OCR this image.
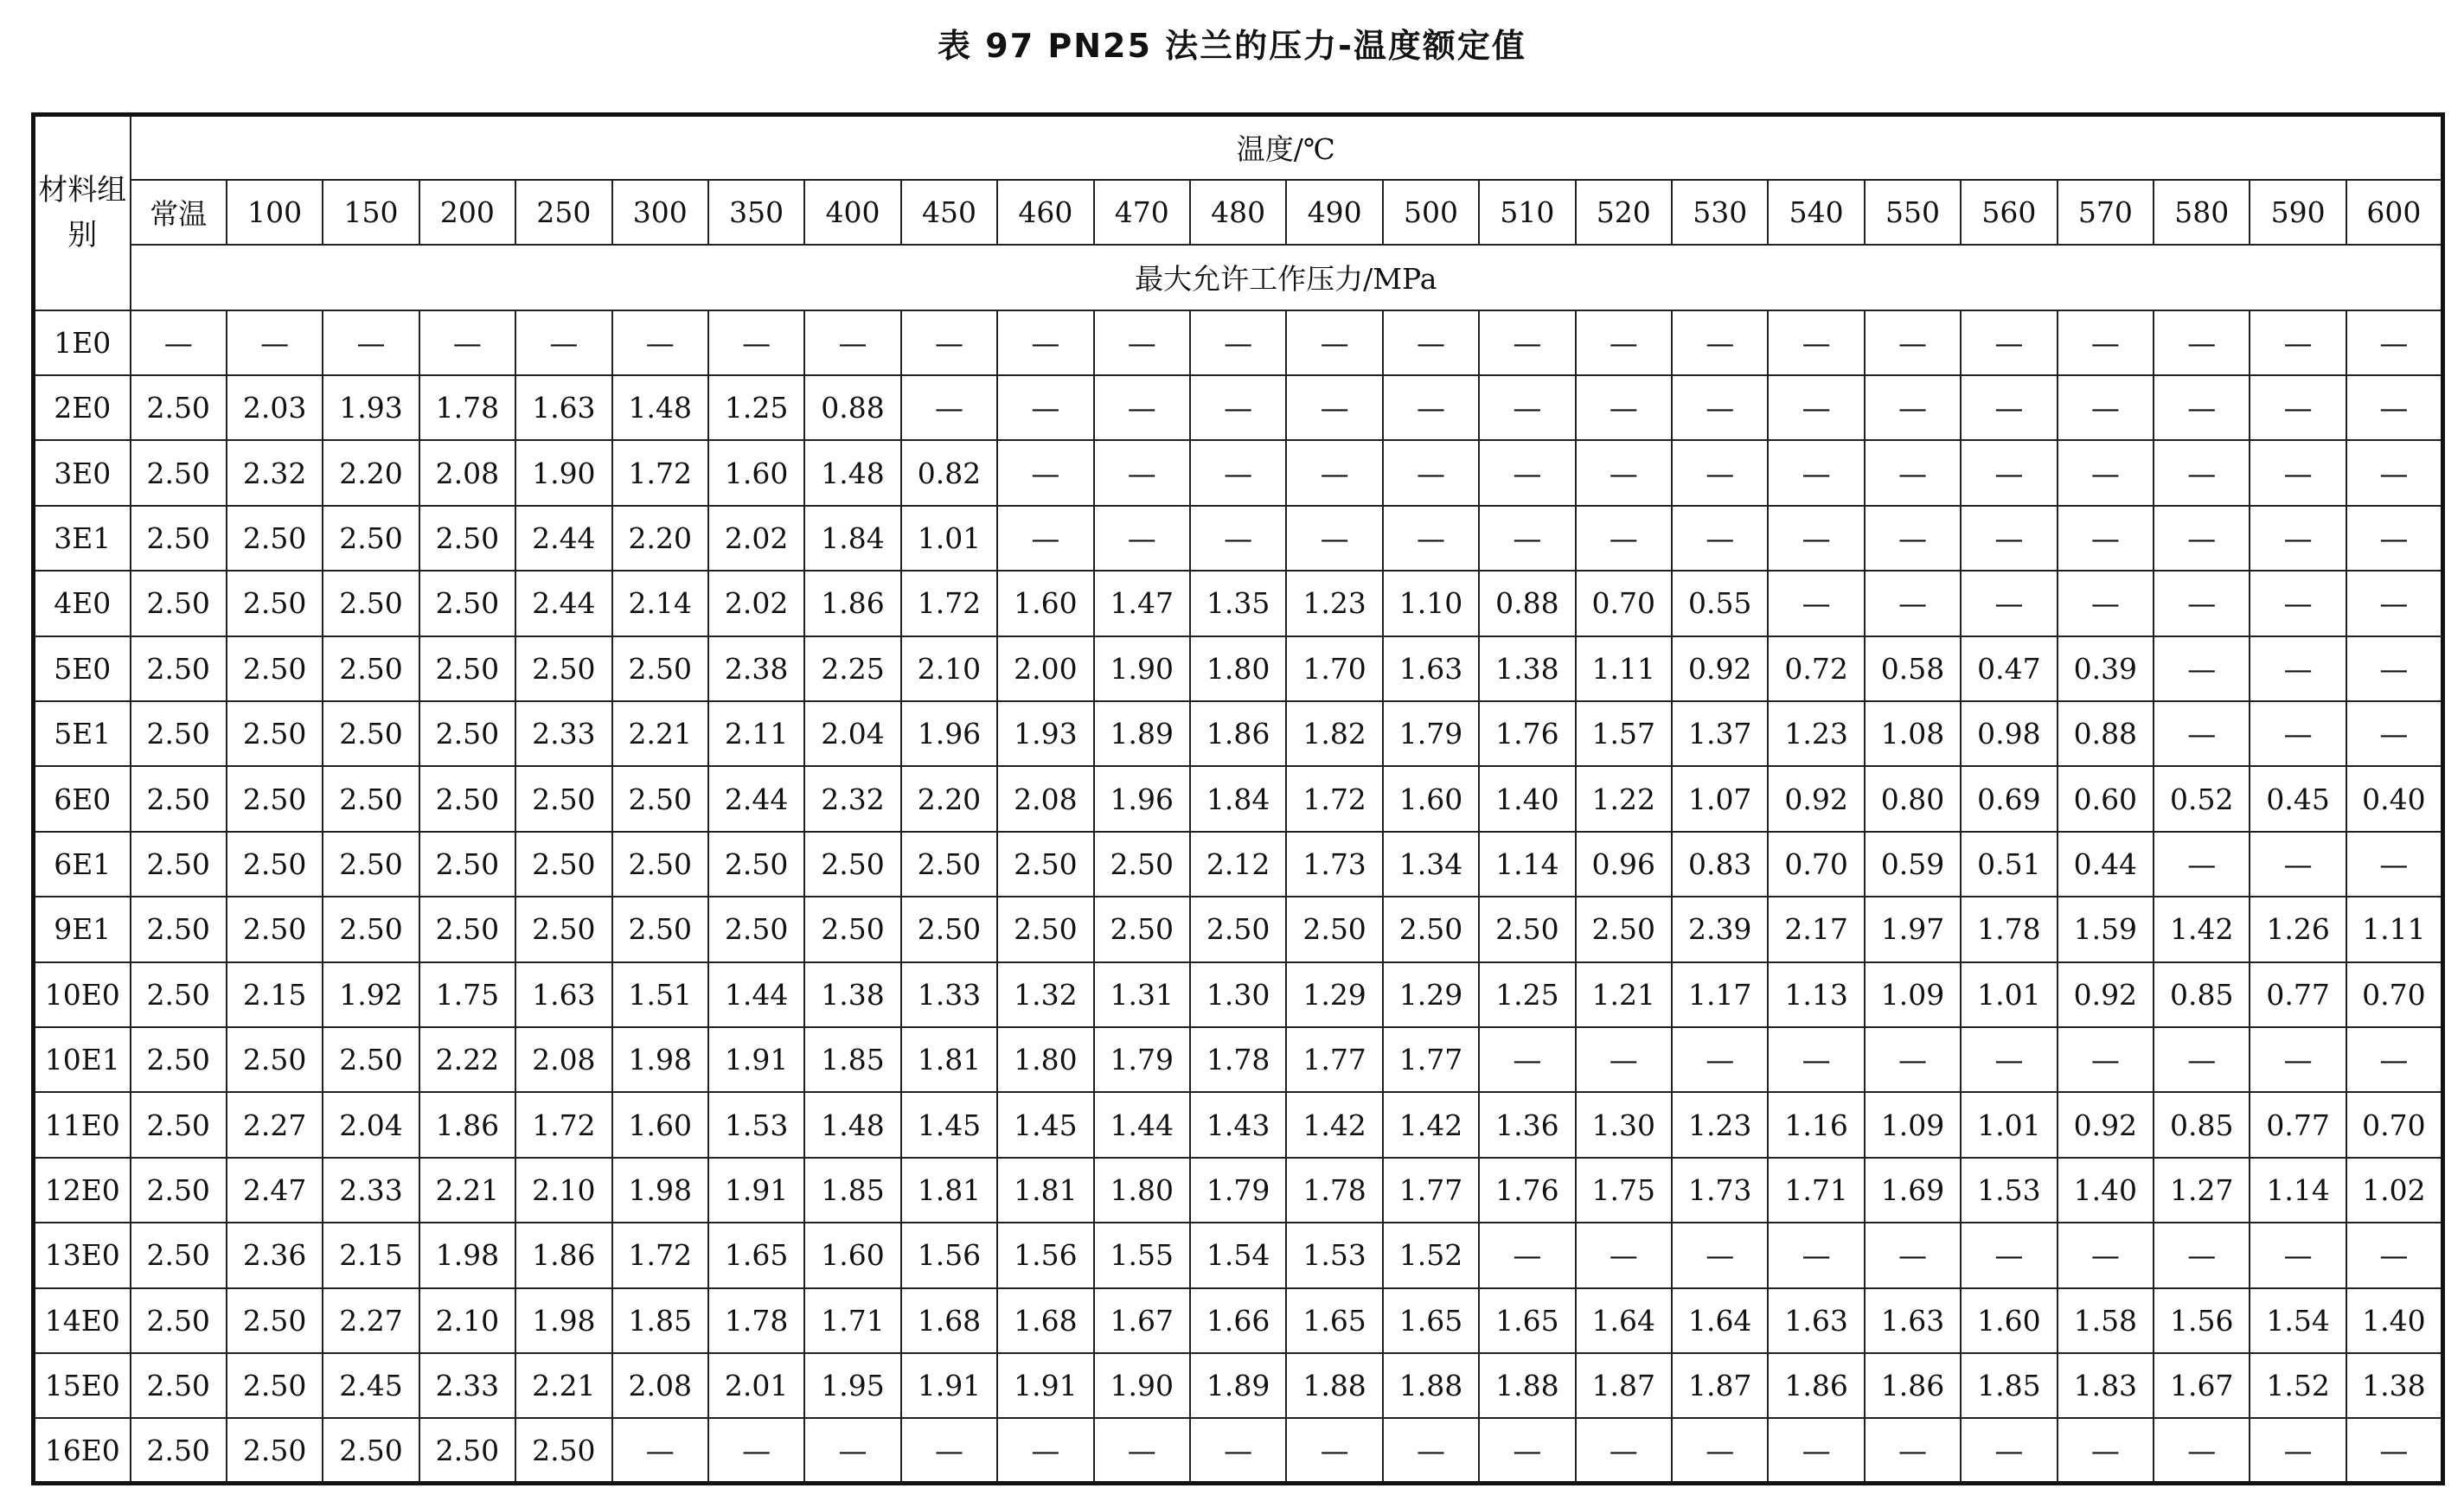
表 97 PN25 法兰的压力-温度额定值
材料组别	温度/℃																							
	常温	100	150	200	250	300	350	400	450	460	470	480	490	500	510	520	530	540	550	560	570	580	590	600
	最大允许工作压力/MPa																							
1E0	—	—	—	—	—	—	—	—	—	—	—	—	—	—	—	—	—	—	—	—	—	—	—	—
2E0	2.50	2.03	1.93	1.78	1.63	1.48	1.25	0.88	—	—	—	—	—	—	—	—	—	—	—	—	—	—	—	—
3E0	2.50	2.32	2.20	2.08	1.90	1.72	1.60	1.48	0.82	—	—	—	—	—	—	—	—	—	—	—	—	—	—	—
3E1	2.50	2.50	2.50	2.50	2.44	2.20	2.02	1.84	1.01	—	—	—	—	—	—	—	—	—	—	—	—	—	—	—
4E0	2.50	2.50	2.50	2.50	2.44	2.14	2.02	1.86	1.72	1.60	1.47	1.35	1.23	1.10	0.88	0.70	0.55	—	—	—	—	—	—	—
5E0	2.50	2.50	2.50	2.50	2.50	2.50	2.38	2.25	2.10	2.00	1.90	1.80	1.70	1.63	1.38	1.11	0.92	0.72	0.58	0.47	0.39	—	—	—
5E1	2.50	2.50	2.50	2.50	2.33	2.21	2.11	2.04	1.96	1.93	1.89	1.86	1.82	1.79	1.76	1.57	1.37	1.23	1.08	0.98	0.88	—	—	—
6E0	2.50	2.50	2.50	2.50	2.50	2.50	2.44	2.32	2.20	2.08	1.96	1.84	1.72	1.60	1.40	1.22	1.07	0.92	0.80	0.69	0.60	0.52	0.45	0.40
6E1	2.50	2.50	2.50	2.50	2.50	2.50	2.50	2.50	2.50	2.50	2.50	2.12	1.73	1.34	1.14	0.96	0.83	0.70	0.59	0.51	0.44	—	—	—
9E1	2.50	2.50	2.50	2.50	2.50	2.50	2.50	2.50	2.50	2.50	2.50	2.50	2.50	2.50	2.50	2.50	2.39	2.17	1.97	1.78	1.59	1.42	1.26	1.11
10E0	2.50	2.15	1.92	1.75	1.63	1.51	1.44	1.38	1.33	1.32	1.31	1.30	1.29	1.29	1.25	1.21	1.17	1.13	1.09	1.01	0.92	0.85	0.77	0.70
10E1	2.50	2.50	2.50	2.22	2.08	1.98	1.91	1.85	1.81	1.80	1.79	1.78	1.77	1.77	—	—	—	—	—	—	—	—	—	—
11E0	2.50	2.27	2.04	1.86	1.72	1.60	1.53	1.48	1.45	1.45	1.44	1.43	1.42	1.42	1.36	1.30	1.23	1.16	1.09	1.01	0.92	0.85	0.77	0.70
12E0	2.50	2.47	2.33	2.21	2.10	1.98	1.91	1.85	1.81	1.81	1.80	1.79	1.78	1.77	1.76	1.75	1.73	1.71	1.69	1.53	1.40	1.27	1.14	1.02
13E0	2.50	2.36	2.15	1.98	1.86	1.72	1.65	1.60	1.56	1.56	1.55	1.54	1.53	1.52	—	—	—	—	—	—	—	—	—	—
14E0	2.50	2.50	2.27	2.10	1.98	1.85	1.78	1.71	1.68	1.68	1.67	1.66	1.65	1.65	1.65	1.64	1.64	1.63	1.63	1.60	1.58	1.56	1.54	1.40
15E0	2.50	2.50	2.45	2.33	2.21	2.08	2.01	1.95	1.91	1.91	1.90	1.89	1.88	1.88	1.88	1.87	1.87	1.86	1.86	1.85	1.83	1.67	1.52	1.38
16E0	2.50	2.50	2.50	2.50	2.50	—	—	—	—	—	—	—	—	—	—	—	—	—	—	—	—	—	—	—
